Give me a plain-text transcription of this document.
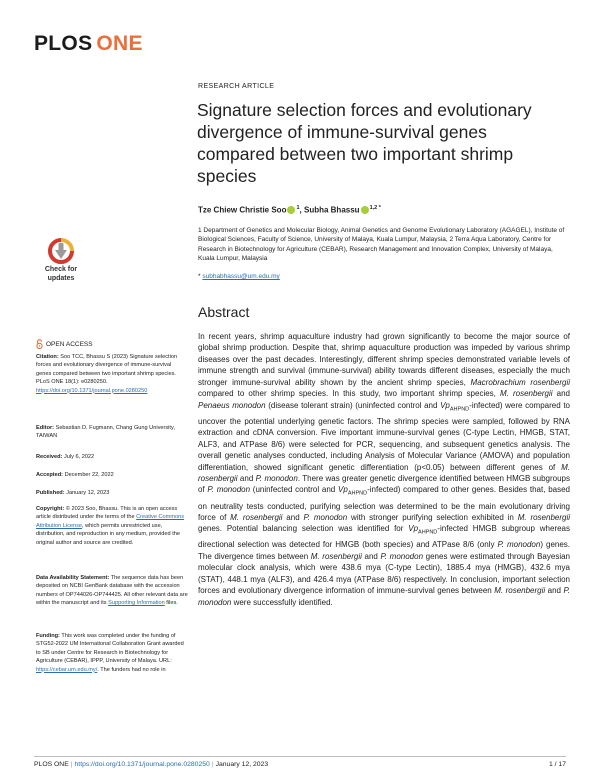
PLOS ONE
RESEARCH ARTICLE
Signature selection forces and evolutionary divergence of immune-survival genes compared between two important shrimp species
Tze Chiew Christie Soo $^1$, Subha Bhassu $^{1,2 *}$
1 Department of Genetics and Molecular Biology, Animal Genetics and Genome Evolutionary Laboratory (AGAGEL), Institute of Biological Sciences, Faculty of Science, University of Malaya, Kuala Lumpur, Malaysia, 2 Terra Aqua Laboratory, Centre for Research in Biotechnology for Agriculture (CEBAR), Research Management and Innovation Complex, University of Malaya, Kuala Lumpur, Malaysia
* subhabhassu@um.edu.my
Abstract
In recent years, shrimp aquaculture industry had grown significantly to become the major source of global shrimp production. Despite that, shrimp aquaculture production was impeded by various shrimp diseases over the past decades. Interestingly, different shrimp species demonstrated variable levels of immune strength and survival (immune-survival) ability towards different diseases, especially the much stronger immune-survival ability shown by the ancient shrimp species, Macrobrachium rosenbergii compared to other shrimp species. In this study, two important shrimp species, M. rosenbergii and Penaeus monodon (disease tolerant strain) (uninfected control and $Vp_{AHPND}-infected$) were compared to uncover the potential underlying genetic factors. The shrimp species were sampled, followed by RNA extraction and cDNA conversion. Five important immune-survival genes (C-type Lectin, HMGB, STAT, ALF3, and ATPase 8/6) were selected for PCR, sequencing, and subsequent genetics analysis. The overall genetic analyses conducted, including Analysis of Molecular Variance (AMOVA) and population differentiation, showed significant genetic differentiation (p<0.05) between different genes of M. rosenbergii and P. monodon. There was greater genetic divergence identified between HMGB subgroups of P. monodon (uninfected control and $Vp_{AHPND}-infected$) compared to other genes. Besides that, based on neutrality tests conducted, purifying selection was determined to be the main evolutionary driving force of M. rosenbergii and P. monodon with stronger purifying selection exhibited in M. rosenbergii genes. Potential balancing selection was identified for $Vp_{AHPND}$-infected HMGB subgroup whereas directional selection was detected for HMGB (both species) and ATPase 8/6 (only P. monodon) genes. The divergence times between M. rosenbergii and P. monodon genes were estimated through Bayesian molecular clock analysis, which were 438.6 mya (C-type Lectin), 1885.4 mya (HMGB), 432.6 mya (STAT), 448.1 mya (ALF3), and 426.4 mya (ATPase 8/6) respectively. In conclusion, important selection forces and evolutionary divergence information of immune-survival genes between M. rosenbergii and P. monodon were successfully identified.
Check for
updates
OPEN ACCESS
Citation: Soo TCC, Bhassu S (2023) Signature selection forces and evolutionary divergence of immune-survival genes compared between two important shrimp species. PLoS ONE 18(1): e0280250. https://doi.org/10.1371/journal.pone.0280250
Editor: Sebastian D. Fugmann, Chang Gung University, TAIWAN
Received: July 6, 2022
Accepted: December 22, 2022
Published: January 12, 2023
Copyright: © 2023 Soo, Bhassu. This is an open access article distributed under the terms of the Creative Commons Attribution License, which permits unrestricted use, distribution, and reproduction in any medium, provided the original author and source are credited.
Data Availability Statement: The sequence data has been deposited on NCBI GenBank database with the accession numbers of OP744026-OP744425. All other relevant data are within the manuscript and its Supporting Information files.
Funding: This work was completed under the funding of STG52-2022 UM International Collaboration Grant awarded to SB under Centre for Research in Biotechnology for Agriculture (CEBAR), IPPP, University of Malaya. URL: https://cebar.um.edu.my/. The funders had no role in
PLOS ONE | https://doi.org/10.1371/journal.pone.0280250 | January 12, 2023	1 / 17
